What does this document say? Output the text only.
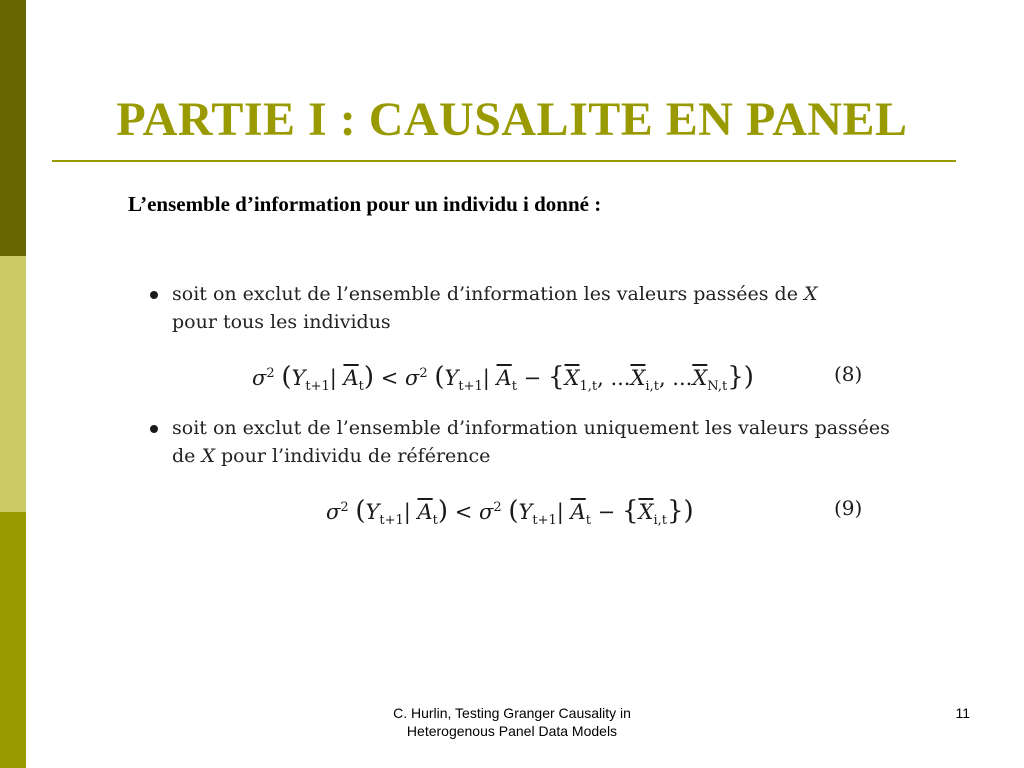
PARTIE I : CAUSALITE EN PANEL
L’ensemble d’information pour un individu i donné :
soit on exclut de l’ensemble d’information les valeurs passées de X
pour tous les individus
$\sigma^2$ ($Y_{t+1}|$ $\overline{A}_t) < \sigma^2$ ($Y_{t+1}|$ $\overline{A}_t - \{\overline{X}_{1,t}$, $...\overline{X}_{i,t}$, $...\overline{X}_{N,t}$})	(8)
soit on exclut de l’ensemble d’information uniquement les valeurs passées
de X pour l’individu de référence
$\sigma^2$ ($Y_{t+1}|$ $\overline{A}_t) < \sigma^2$ ($Y_{t+1}|$ $\overline{A}_t - \{\overline{X}_{i,t}\}$)	(9)
C. Hurlin, Testing Granger Causality in
Heterogenous Panel Data Models
11
